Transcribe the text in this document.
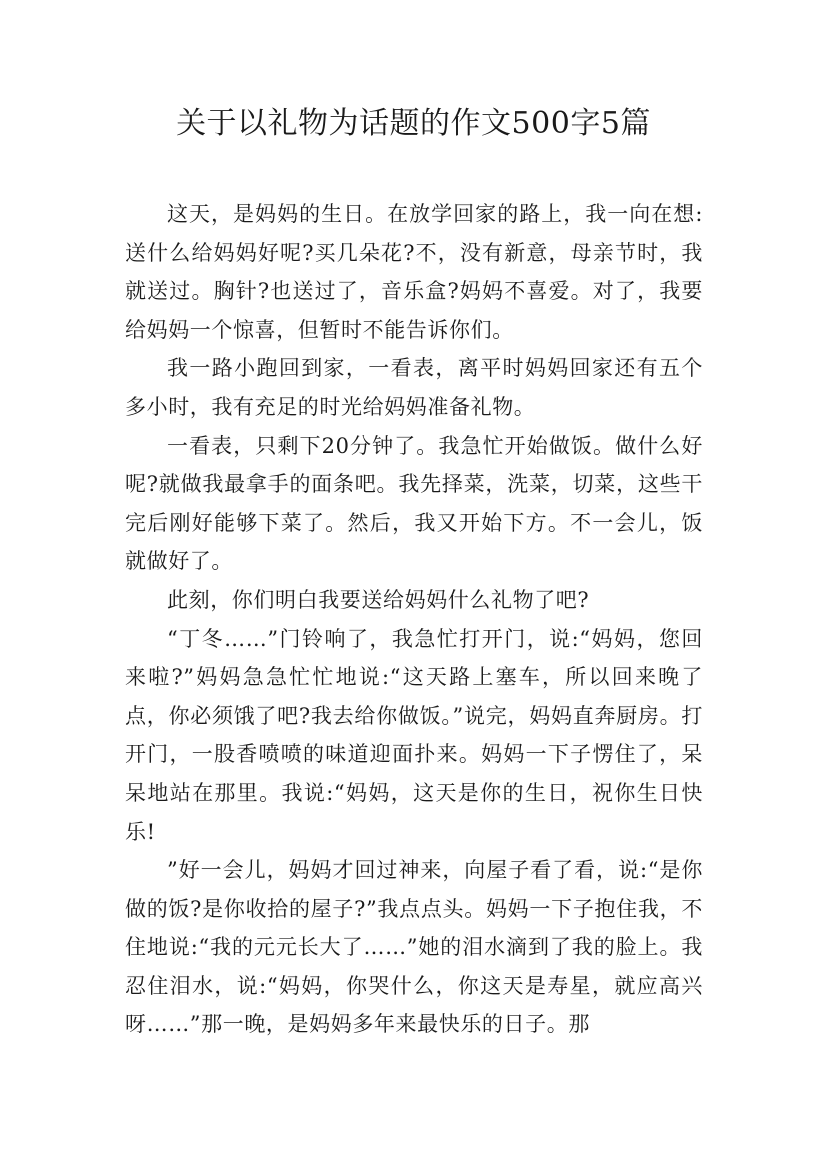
关于以礼物为话题的作文500字5篇

这天，是妈妈的生日。在放学回家的路上，我一向在想:送什么给妈妈好呢?买几朵花?不，没有新意，母亲节时，我就送过。胸针?也送过了，音乐盒?妈妈不喜爱。对了，我要给妈妈一个惊喜，但暂时不能告诉你们。

我一路小跑回到家，一看表，离平时妈妈回家还有五个多小时，我有充足的时光给妈妈准备礼物。

一看表，只剩下20分钟了。我急忙开始做饭。做什么好呢?就做我最拿手的面条吧。我先择菜，洗菜，切菜，这些干完后刚好能够下菜了。然后，我又开始下方。不一会儿，饭就做好了。

此刻，你们明白我要送给妈妈什么礼物了吧?

“丁冬……”门铃响了，我急忙打开门，说:“妈妈，您回来啦?”妈妈急急忙忙地说:“这天路上塞车，所以回来晚了点，你必须饿了吧?我去给你做饭。”说完，妈妈直奔厨房。打开门，一股香喷喷的味道迎面扑来。妈妈一下子愣住了，呆呆地站在那里。我说:“妈妈，这天是你的生日，祝你生日快乐!

”好一会儿，妈妈才回过神来，向屋子看了看，说:“是你做的饭?是你收拾的屋子?”我点点头。妈妈一下子抱住我，不住地说:“我的元元长大了……”她的泪水滴到了我的脸上。我忍住泪水，说:“妈妈，你哭什么，你这天是寿星，就应高兴呀……”那一晚，是妈妈多年来最快乐的日子。那
